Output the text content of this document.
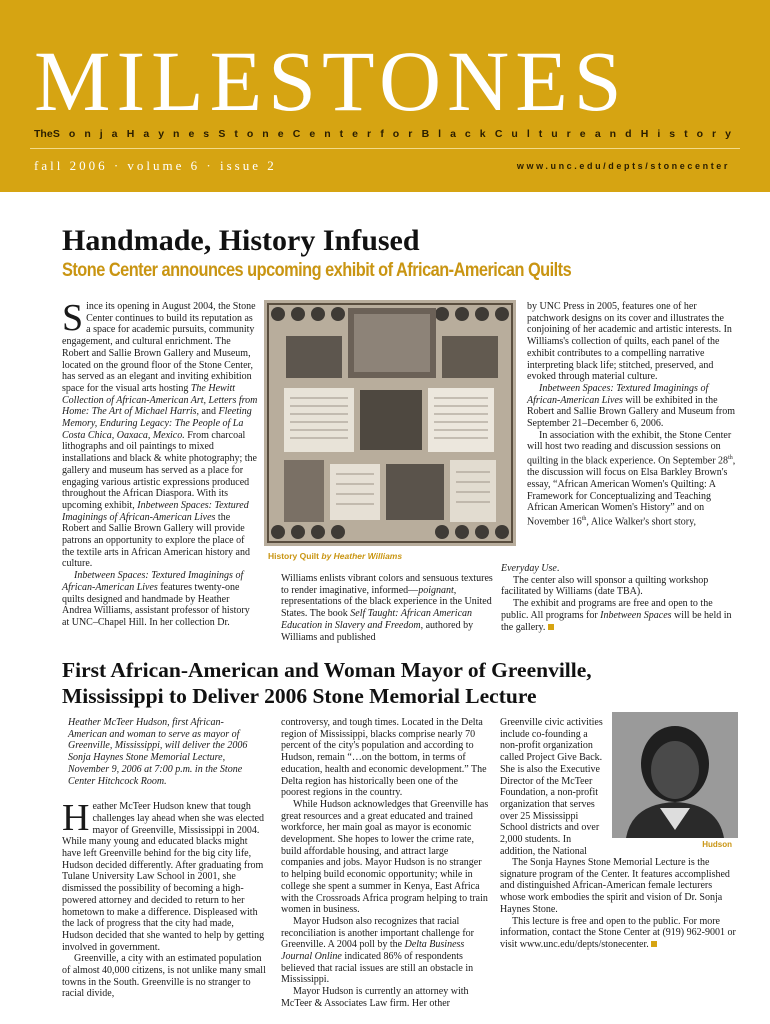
MILESTONES
The Sonja Haynes Stone Center for Black Culture and History
fall 2006 · volume 6 · issue 2	www.unc.edu/depts/stonecenter
Handmade, History Infused
Stone Center announces upcoming exhibit of African-American Quilts

Since its opening in August 2004, the Stone Center continues to build its reputation as a space for academic pursuits, community engagement, and cultural enrichment. The Robert and Sallie Brown Gallery and Museum, located on the ground floor of the Stone Center, has served as an elegant and inviting exhibition space for the visual arts hosting The Hewitt Collection of African-American Art, Letters from Home: The Art of Michael Harris, and Fleeting Memory, Enduring Legacy: The People of La Costa Chica, Oaxaca, Mexico. From charcoal lithographs and oil paintings to mixed installations and black & white photography; the gallery and museum has served as a place for engaging various artistic expressions produced throughout the African Diaspora. With its upcoming exhibit, Inbetween Spaces: Textured Imaginings of African-American Lives the Robert and Sallie Brown Gallery will provide patrons an opportunity to explore the place of the textile arts in African American history and culture.

Inbetween Spaces: Textured Imaginings of African-American Lives features twenty-one quilts designed and handmade by Heather Andrea Williams, assistant professor of history at UNC–Chapel Hill. In her collection Dr.

History Quilt by Heather Williams

Williams enlists vibrant colors and sensuous textures to render imaginative, informed—poignant, representations of the black experience in the United States. The book Self Taught: African American Education in Slavery and Freedom, authored by Williams and published

by UNC Press in 2005, features one of her patchwork designs on its cover and illustrates the conjoining of her academic and artistic interests. In Williams's collection of quilts, each panel of the exhibit contributes to a compelling narrative interpreting black life; stitched, preserved, and evoked through material culture.

Inbetween Spaces: Textured Imaginings of African-American Lives will be exhibited in the Robert and Sallie Brown Gallery and Museum from September 21–December 6, 2006.

In association with the exhibit, the Stone Center will host two reading and discussion sessions on quilting in the black experience. On September 28th, the discussion will focus on Elsa Barkley Brown's essay, “African American Women's Quilting: A Framework for Conceptualizing and Teaching African American Women's History” and on November 16th, Alice Walker's short story,

Everyday Use.

The center also will sponsor a quilting workshop facilitated by Williams (date TBA).

The exhibit and programs are free and open to the public. All programs for Inbetween Spaces will be held in the gallery.

First African-American and Woman Mayor of Greenville,
Mississippi to Deliver 2006 Stone Memorial Lecture

Heather McTeer Hudson, first African-American and woman to serve as mayor of Greenville, Mississippi, will deliver the 2006 Sonja Haynes Stone Memorial Lecture, November 9, 2006 at 7:00 p.m. in the Stone Center Hitchcock Room.

Heather McTeer Hudson knew that tough challenges lay ahead when she was elected mayor of Greenville, Mississippi in 2004. While many young and educated blacks might have left Greenville behind for the big city life, Hudson decided differently. After graduating from Tulane University Law School in 2001, she dismissed the possibility of becoming a high-powered attorney and decided to return to her hometown to make a difference. Displeased with the lack of progress that the city had made, Hudson decided that she wanted to help by getting involved in government.

Greenville, a city with an estimated population of almost 40,000 citizens, is not unlike many small towns in the South. Greenville is no stranger to racial divide,

controversy, and tough times. Located in the Delta region of Mississippi, blacks comprise nearly 70 percent of the city's population and according to Hudson, remain “…on the bottom, in terms of education, health and economic development.” The Delta region has historically been one of the poorest regions in the country.

While Hudson acknowledges that Greenville has great resources and a great educated and trained workforce, her main goal as mayor is economic development. She hopes to lower the crime rate, build affordable housing, and attract large companies and jobs. Mayor Hudson is no stranger to helping build economic opportunity; while in college she spent a summer in Kenya, East Africa with the Crossroads Africa program helping to train women in business.

Mayor Hudson also recognizes that racial reconciliation is another important challenge for Greenville. A 2004 poll by the Delta Business Journal Online indicated 86% of respondents believed that racial issues are still an obstacle in Mississippi.

Mayor Hudson is currently an attorney with McTeer & Associates Law firm. Her other

Greenville civic activities include co-founding a non-profit organization called Project Give Back. She is also the Executive Director of the McTeer Foundation, a non-profit organization that serves over 25 Mississippi School districts and over 2,000 students. In addition, the National

Hudson

The Sonja Haynes Stone Memorial Lecture is the signature program of the Center. It features accomplished and distinguished African-American female lecturers whose work embodies the spirit and vision of Dr. Sonja Haynes Stone.

This lecture is free and open to the public. For more information, contact the Stone Center at (919) 962-9001 or visit www.unc.edu/depts/stonecenter.
